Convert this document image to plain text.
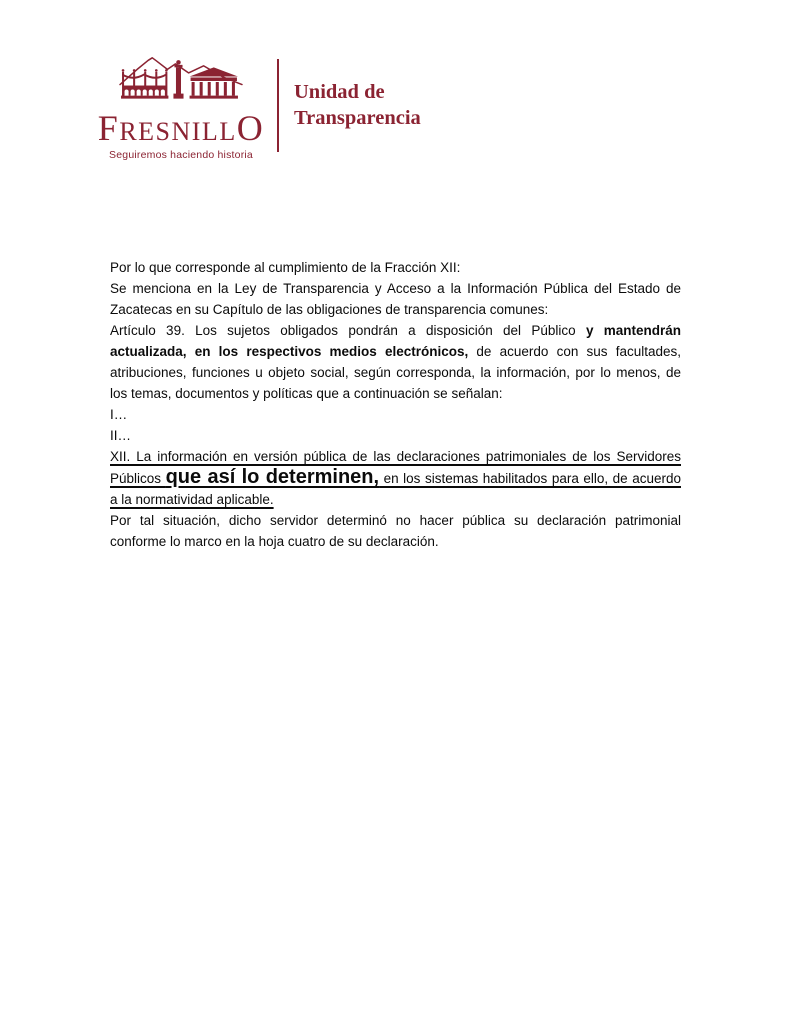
FRESNILLO
Seguiremos haciendo historia
Unidad de
Transparencia

Por lo que corresponde al cumplimiento de la Fracción XII:

Se menciona en la Ley de Transparencia y Acceso a la Información Pública del Estado de Zacatecas en su Capítulo de las obligaciones de transparencia comunes:

Artículo 39. Los sujetos obligados pondrán a disposición del Público y mantendrán actualizada, en los respectivos medios electrónicos, de acuerdo con sus facultades, atribuciones, funciones u objeto social, según corresponda, la información, por lo menos, de los temas, documentos y políticas que a continuación se señalan:

I…

II…

XII. La información en versión pública de las declaraciones patrimoniales de los Servidores Públicos que así lo determinen, en los sistemas habilitados para ello, de acuerdo a la normatividad aplicable.

Por tal situación, dicho servidor determinó no hacer pública su declaración patrimonial conforme lo marco en la hoja cuatro de su declaración.
